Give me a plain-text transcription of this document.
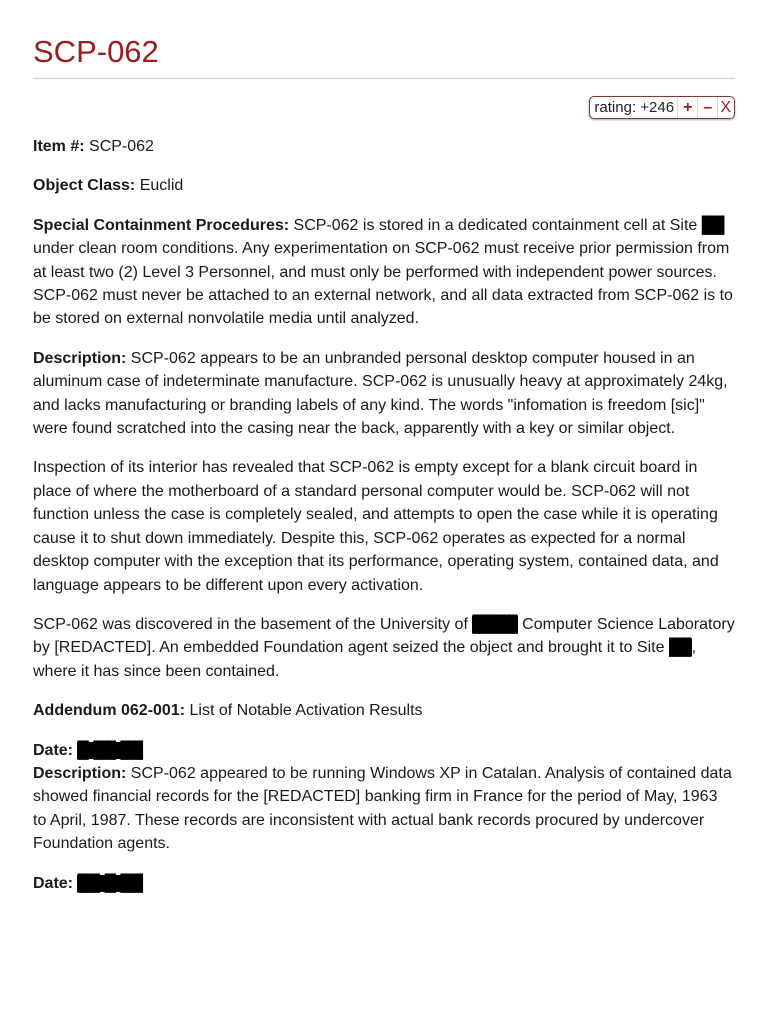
SCP-062
rating: +246 + – X

Item #: SCP-062

Object Class: Euclid

Special Containment Procedures: SCP-062 is stored in a dedicated containment cell at Site ██ under clean room conditions. Any experimentation on SCP-062 must receive prior permission from at least two (2) Level 3 Personnel, and must only be performed with independent power sources. SCP-062 must never be attached to an external network, and all data extracted from SCP-062 is to be stored on external nonvolatile media until analyzed.

Description: SCP-062 appears to be an unbranded personal desktop computer housed in an aluminum case of indeterminate manufacture. SCP-062 is unusually heavy at approximately 24kg, and lacks manufacturing or branding labels of any kind. The words "infomation is freedom [sic]" were found scratched into the casing near the back, apparently with a key or similar object.

Inspection of its interior has revealed that SCP-062 is empty except for a blank circuit board in place of where the motherboard of a standard personal computer would be. SCP-062 will not function unless the case is completely sealed, and attempts to open the case while it is operating cause it to shut down immediately. Despite this, SCP-062 operates as expected for a normal desktop computer with the exception that its performance, operating system, contained data, and language appears to be different upon every activation.

SCP-062 was discovered in the basement of the University of ████ Computer Science Laboratory by [REDACTED]. An embedded Foundation agent seized the object and brought it to Site ██, where it has since been contained.

Addendum 062-001: List of Notable Activation Results

Date: █/██/██

Description: SCP-062 appeared to be running Windows XP in Catalan. Analysis of contained data showed financial records for the [REDACTED] banking firm in France for the period of May, 1963 to April, 1987. These records are inconsistent with actual bank records procured by undercover Foundation agents.

Date: ██/█/██
